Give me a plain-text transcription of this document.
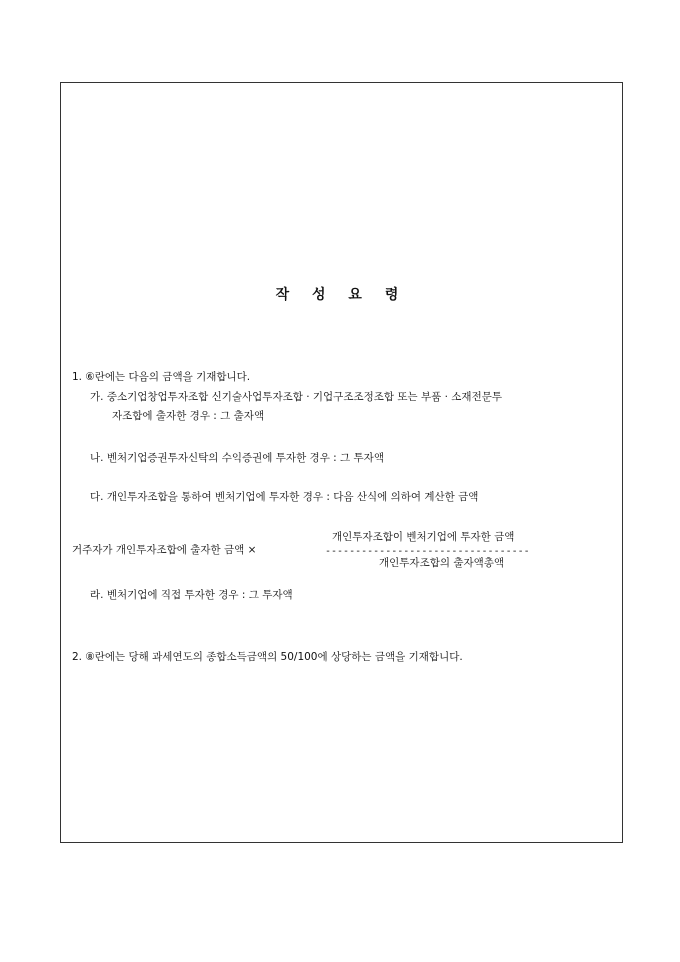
작 성 요 령
1. ⑥란에는 다음의 금액을 기재합니다.
가. 중소기업창업투자조합 신기술사업투자조합 · 기업구조조정조합 또는 부품 · 소재전문투
자조합에 출자한 경우 : 그 출자액
나. 벤처기업증권투자신탁의 수익증권에 투자한 경우 : 그 투자액
다. 개인투자조합을 통하여 벤처기업에 투자한 경우 : 다음 산식에 의하여 계산한 금액
거주자가 개인투자조합에 출자한 금액 ×
개인투자조합이 벤처기업에 투자한 금액
----------------------------------
개인투자조합의 출자액총액
라. 벤처기업에 직접 투자한 경우 : 그 투자액
2. ⑧란에는 당해 과세연도의 종합소득금액의 50/100에 상당하는 금액을 기재합니다.
